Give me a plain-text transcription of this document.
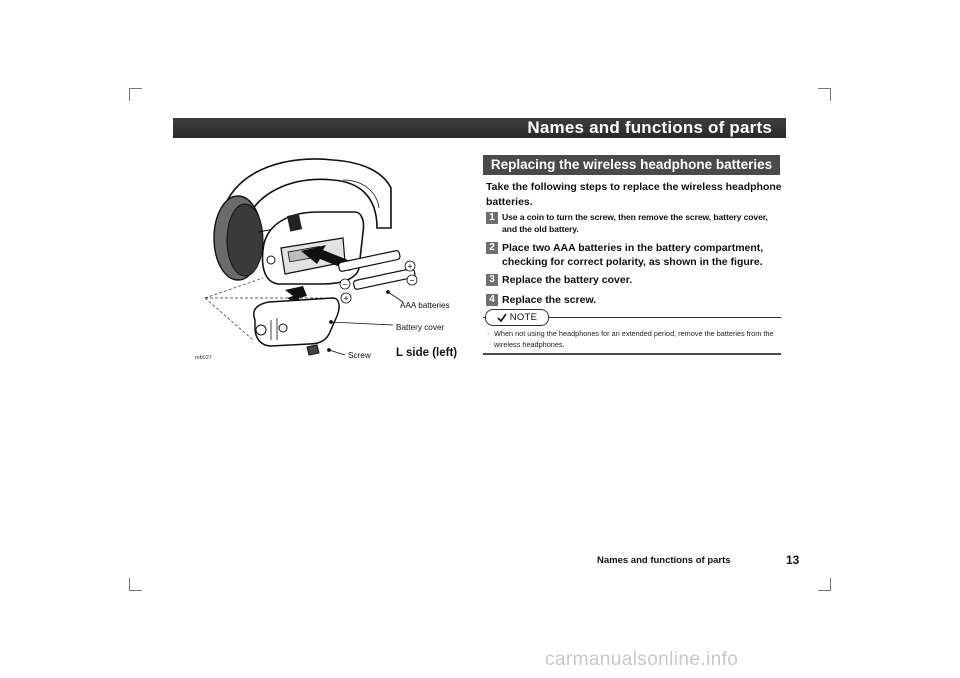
Names and functions of parts
+
−
−
+
AAA batteries
Battery cover
Screw L side (left)
mb027
Replacing the wireless headphone batteries
Take the following steps to replace the wireless headphone batteries.
1 Use a coin to turn the screw, then remove the screw, battery cover, and the old battery.
2 Place two AAA batteries in the battery compartment, checking for correct polarity, as shown in the figure.
3 Replace the battery cover.
4 Replace the screw.
NOTE
· When not using the headphones for an extended period, remove the batteries from the wireless headphones.
Names and functions of parts	13
carmanualsonline.info
